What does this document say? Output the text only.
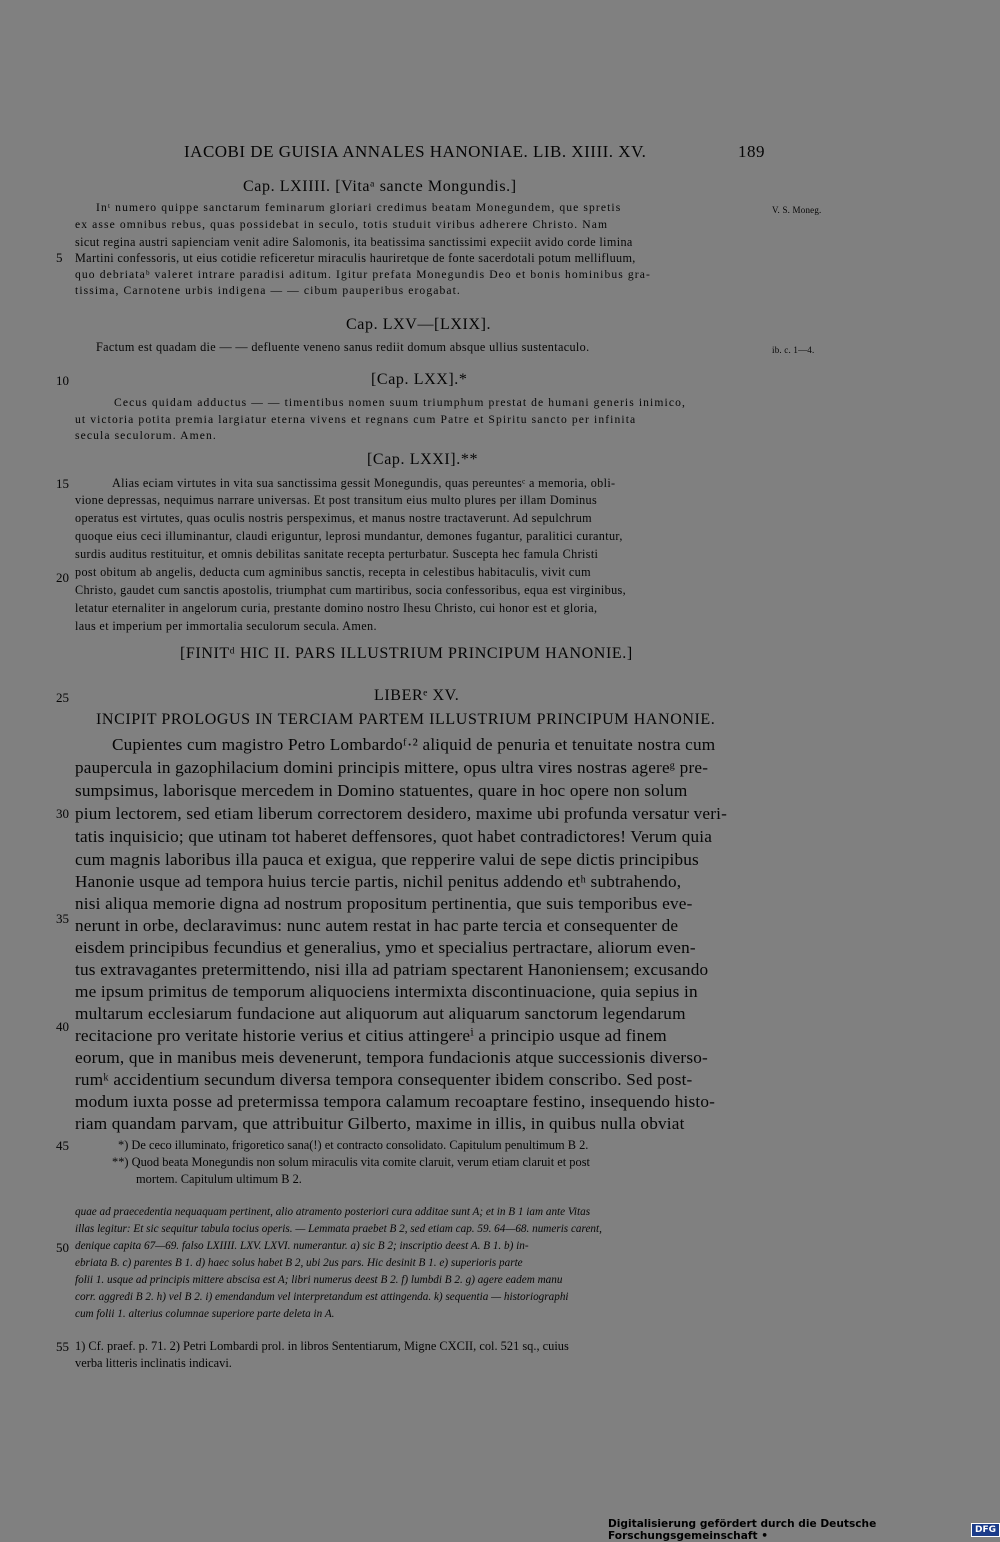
IACOBI DE GUISIA ANNALES HANONIAE. LIB. XIIII. XV.	189
5
10
15
20
25
30
35
40
45
50
55
V. S. Moneg.
ib. c. 1—4.
Cap. LXIIII. [Vitaᵃ sancte Mongundis.]
Inᵗ numero quippe sanctarum feminarum gloriari credimus beatam Monegundem, que spretis
ex asse omnibus rebus, quas possidebat in seculo, totis studuit viribus adherere Christo. Nam
sicut regina austri sapienciam venit adire Salomonis, ita beatissima sanctissimi expeciit avido corde limina
Martini confessoris, ut eius cotidie reficeretur miraculis hauriretque de fonte sacerdotali potum mellifluum,
quo debriataᵇ valeret intrare paradisi aditum. Igitur prefata Monegundis Deo et bonis hominibus gra-
tissima, Carnotene urbis indigena — — cibum pauperibus erogabat.
Cap. LXV—[LXIX].
Factum est quadam die — — defluente veneno sanus rediit domum absque ullius sustentaculo.
[Cap. LXX].*
Cecus quidam adductus — — timentibus nomen suum triumphum prestat de humani generis inimico,
ut victoria potita premia largiatur eterna vivens et regnans cum Patre et Spiritu sancto per infinita
secula seculorum. Amen.
[Cap. LXXI].**
Alias eciam virtutes in vita sua sanctissima gessit Monegundis, quas pereuntesᶜ a memoria, obli-
vione depressas, nequimus narrare universas. Et post transitum eius multo plures per illam Dominus
operatus est virtutes, quas oculis nostris perspeximus, et manus nostre tractaverunt. Ad sepulchrum
quoque eius ceci illuminantur, claudi eriguntur, leprosi mundantur, demones fugantur, paralitici curantur,
surdis auditus restituitur, et omnis debilitas sanitate recepta perturbatur. Suscepta hec famula Christi
post obitum ab angelis, deducta cum agminibus sanctis, recepta in celestibus habitaculis, vivit cum
Christo, gaudet cum sanctis apostolis, triumphat cum martiribus, socia confessoribus, equa est virginibus,
letatur eternaliter in angelorum curia, prestante domino nostro Ihesu Christo, cui honor est et gloria,
laus et imperium per immortalia seculorum secula. Amen.
[FINITᵈ HIC II. PARS ILLUSTRIUM PRINCIPUM HANONIE.]
LIBERᵉ XV.
INCIPIT PROLOGUS IN TERCIAM PARTEM ILLUSTRIUM PRINCIPUM HANONIE.
Cupientes cum magistro Petro Lombardoᶠ·² aliquid de penuria et tenuitate nostra cum
paupercula in gazophilacium domini principis mittere, opus ultra vires nostras agereᵍ pre-
sumpsimus, laborisque mercedem in Domino statuentes, quare in hoc opere non solum
pium lectorem, sed etiam liberum correctorem desidero, maxime ubi profunda versatur veri-
tatis inquisicio; que utinam tot haberet deffensores, quot habet contradictores! Verum quia
cum magnis laboribus illa pauca et exigua, que repperire valui de sepe dictis principibus
Hanonie usque ad tempora huius tercie partis, nichil penitus addendo etʰ subtrahendo,
nisi aliqua memorie digna ad nostrum propositum pertinentia, que suis temporibus eve-
nerunt in orbe, declaravimus: nunc autem restat in hac parte tercia et consequenter de
eisdem principibus fecundius et generalius, ymo et specialius pertractare, aliorum even-
tus extravagantes pretermittendo, nisi illa ad patriam spectarent Hanoniensem; excusando
me ipsum primitus de temporum aliquociens intermixta discontinuacione, quia sepius in
multarum ecclesiarum fundacione aut aliquorum aut aliquarum sanctorum legendarum
recitacione pro veritate historie verius et citius attingereⁱ a principio usque ad finem
eorum, que in manibus meis devenerunt, tempora fundacionis atque successionis diverso-
rumᵏ accidentium secundum diversa tempora consequenter ibidem conscribo. Sed post-
modum iuxta posse ad pretermissa tempora calamum recoaptare festino, insequendo histo-
riam quandam parvam, que attribuitur Gilberto, maxime in illis, in quibus nulla obviat
*) De ceco illuminato, frigoretico sana(!) et contracto consolidato. Capitulum penultimum B 2.
**) Quod beata Monegundis non solum miraculis vita comite claruit, verum etiam claruit et post
mortem. Capitulum ultimum B 2.
quae ad praecedentia nequaquam pertinent, alio atramento posteriori cura additae sunt A; et in B 1 iam ante Vitas
illas legitur: Et sic sequitur tabula tocius operis. — Lemmata praebet B 2, sed etiam cap. 59. 64—68. numeris carent,
denique capita 67—69. falso LXIIII. LXV. LXVI. numerantur. a) sic B 2; inscriptio deest A. B 1. b) in-
ebriata B. c) parentes B 1. d) haec solus habet B 2, ubi 2us pars. Hic desinit B 1. e) superioris parte
folii 1. usque ad principis mittere abscisa est A; libri numerus deest B 2. f) lumbdi B 2. g) agere eadem manu
corr. aggredi B 2. h) vel B 2. i) emendandum vel interpretandum est attingenda. k) sequentia — historiographi
cum folii 1. alterius columnae superiore parte deleta in A.
1) Cf. praef. p. 71. 2) Petri Lombardi prol. in libros Sententiarum, Migne CXCII, col. 521 sq., cuius
verba litteris inclinatis indicavi.
Digitalisierung gefördert durch die Deutsche Forschungsgemeinschaft •	DFG
